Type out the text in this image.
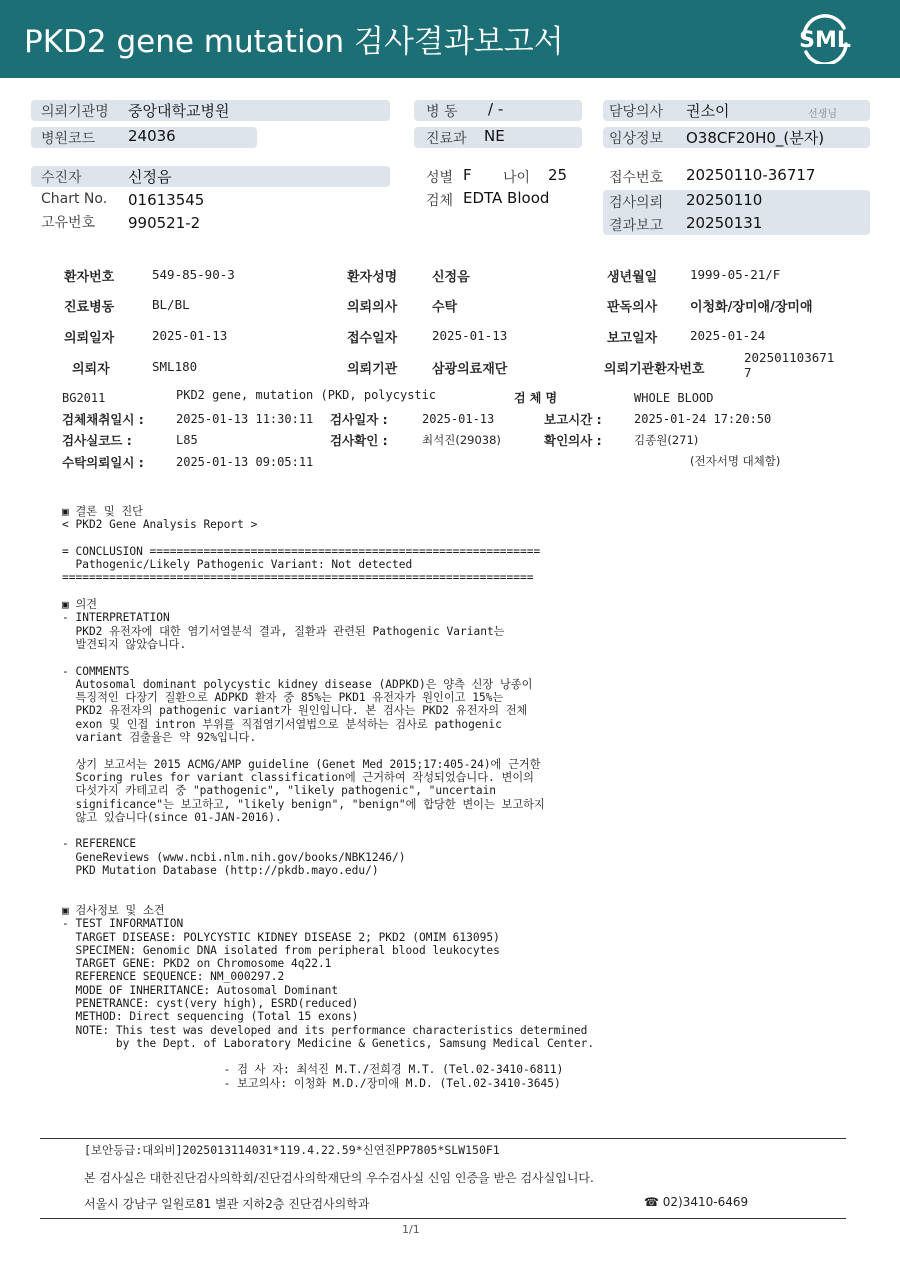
PKD2 gene mutation 검사결과보고서	SML
의뢰기관명 중앙대학교병원	병 동 / -	담당의사 권소이	선생님
병원코드 24036	진료과 NE	임상정보 O38CF20H0_(분자)
수진자	신정음	성별 F 나이 25	접수번호 20250110-36717
Chart No. 01613545	검체 EDTA Blood	검사의뢰 20250110
고유번호 990521-2	결과보고 20250131
환자번호	549-85-90-3	환자성명	신정음	생년월일	1999-05-21/F
진료병동	BL/BL	의뢰의사	수탁	판독의사	이청화/장미애/장미애
의뢰일자	2025-01-13	접수일자	2025-01-13	보고일자	2025-01-24
의뢰자	SML180	의뢰기관	삼광의료재단	의뢰기관환자번호
202501103671
7
BG2011	PKD2 gene, mutation (PKD, polycystic	검 체 명	WHOLE BLOOD
검체채취일시 :	2025-01-13 11:30:11 검사일자 :	2025-01-13	보고시간 :	2025-01-24 17:20:50
검사실코드 :	L85	검사확인 :	최석진(29038)	확인의사 :	김종원(271)
수탁의뢰일시 :	2025-01-13 09:05:11	(전자서명 대체함)
▣ 결론 및 진단
< PKD2 Gene Analysis Report >

= CONCLUSION ==========================================================
Pathogenic/Likely Pathogenic Variant: Not detected
======================================================================

▣ 의견
- INTERPRETATION
PKD2 유전자에 대한 염기서열분석 결과, 질환과 관련된 Pathogenic Variant는
발견되지 않았습니다.

- COMMENTS
Autosomal dominant polycystic kidney disease (ADPKD)은 양측 신장 낭종이
특징적인 다장기 질환으로 ADPKD 환자 중 85%는 PKD1 유전자가 원인이고 15%는
PKD2 유전자의 pathogenic variant가 원인입니다. 본 검사는 PKD2 유전자의 전체
exon 및 인접 intron 부위를 직접염기서열법으로 분석하는 검사로 pathogenic
variant 검출율은 약 92%입니다.

상기 보고서는 2015 ACMG/AMP guideline (Genet Med 2015;17:405-24)에 근거한
Scoring rules for variant classification에 근거하여 작성되었습니다. 변이의
다섯가지 카테고리 중 "pathogenic", "likely pathogenic", "uncertain
significance"는 보고하고, "likely benign", "benign"에 합당한 변이는 보고하지
않고 있습니다(since 01-JAN-2016).

- REFERENCE
GeneReviews (www.ncbi.nlm.nih.gov/books/NBK1246/)
PKD Mutation Database (http://pkdb.mayo.edu/)

▣ 검사정보 및 소견
- TEST INFORMATION
TARGET DISEASE: POLYCYSTIC KIDNEY DISEASE 2; PKD2 (OMIM 613095)
SPECIMEN: Genomic DNA isolated from peripheral blood leukocytes
TARGET GENE: PKD2 on Chromosome 4q22.1
REFERENCE SEQUENCE: NM_000297.2
MODE OF INHERITANCE: Autosomal Dominant
PENETRANCE: cyst(very high), ESRD(reduced)
METHOD: Direct sequencing (Total 15 exons)
NOTE: This test was developed and its performance characteristics determined
by the Dept. of Laboratory Medicine & Genetics, Samsung Medical Center.

- 검 사 자: 최석진 M.T./전희경 M.T. (Tel.02-3410-6811)
- 보고의사: 이청화 M.D./장미애 M.D. (Tel.02-3410-3645)
[보안등급:대외비]2025013114031*119.4.22.59*신연진PP7805*SLW150F1
본 검사실은 대한진단검사의학회/진단검사의학재단의 우수검사실 신임 인증을 받은 검사실입니다.
서울시 강남구 일원로81 별관 지하2층 진단검사의학과	☎ 02)3410-6469
1/1
